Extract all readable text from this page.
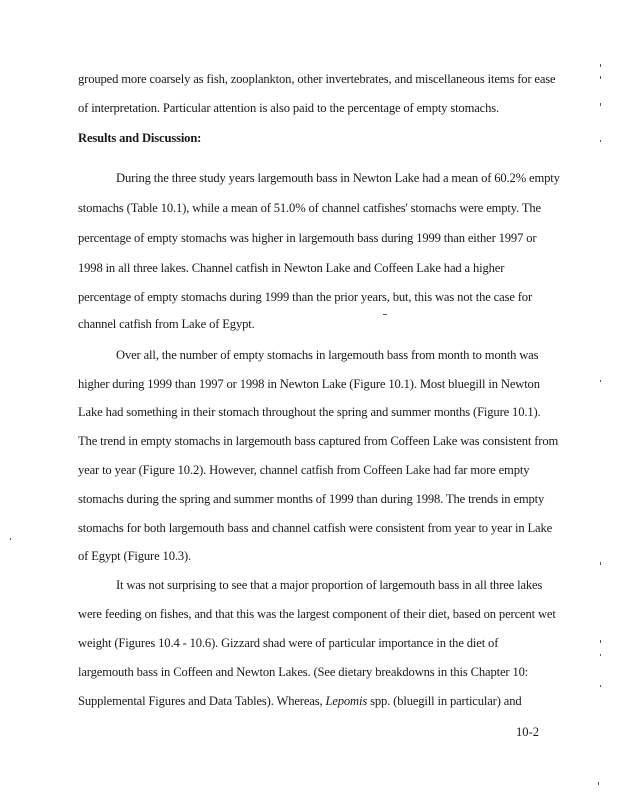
grouped more coarsely as fish, zooplankton, other invertebrates, and miscellaneous items for ease
of interpretation. Particular attention is also paid to the percentage of empty stomachs.
Results and Discussion:
During the three study years largemouth bass in Newton Lake had a mean of 60.2% empty
stomachs (Table 10.1), while a mean of 51.0% of channel catfishes' stomachs were empty. The
percentage of empty stomachs was higher in largemouth bass during 1999 than either 1997 or
1998 in all three lakes. Channel catfish in Newton Lake and Coffeen Lake had a higher
percentage of empty stomachs during 1999 than the prior years, but, this was not the case for
channel catfish from Lake of Egypt.
Over all, the number of empty stomachs in largemouth bass from month to month was
higher during 1999 than 1997 or 1998 in Newton Lake (Figure 10.1). Most bluegill in Newton
Lake had something in their stomach throughout the spring and summer months (Figure 10.1).
The trend in empty stomachs in largemouth bass captured from Coffeen Lake was consistent from
year to year (Figure 10.2). However, channel catfish from Coffeen Lake had far more empty
stomachs during the spring and summer months of 1999 than during 1998. The trends in empty
stomachs for both largemouth bass and channel catfish were consistent from year to year in Lake
of Egypt (Figure 10.3).
It was not surprising to see that a major proportion of largemouth bass in all three lakes
were feeding on fishes, and that this was the largest component of their diet, based on percent wet
weight (Figures 10.4 - 10.6). Gizzard shad were of particular importance in the diet of
largemouth bass in Coffeen and Newton Lakes. (See dietary breakdowns in this Chapter 10:
Supplemental Figures and Data Tables). Whereas, Lepomis spp. (bluegill in particular) and
10-2
